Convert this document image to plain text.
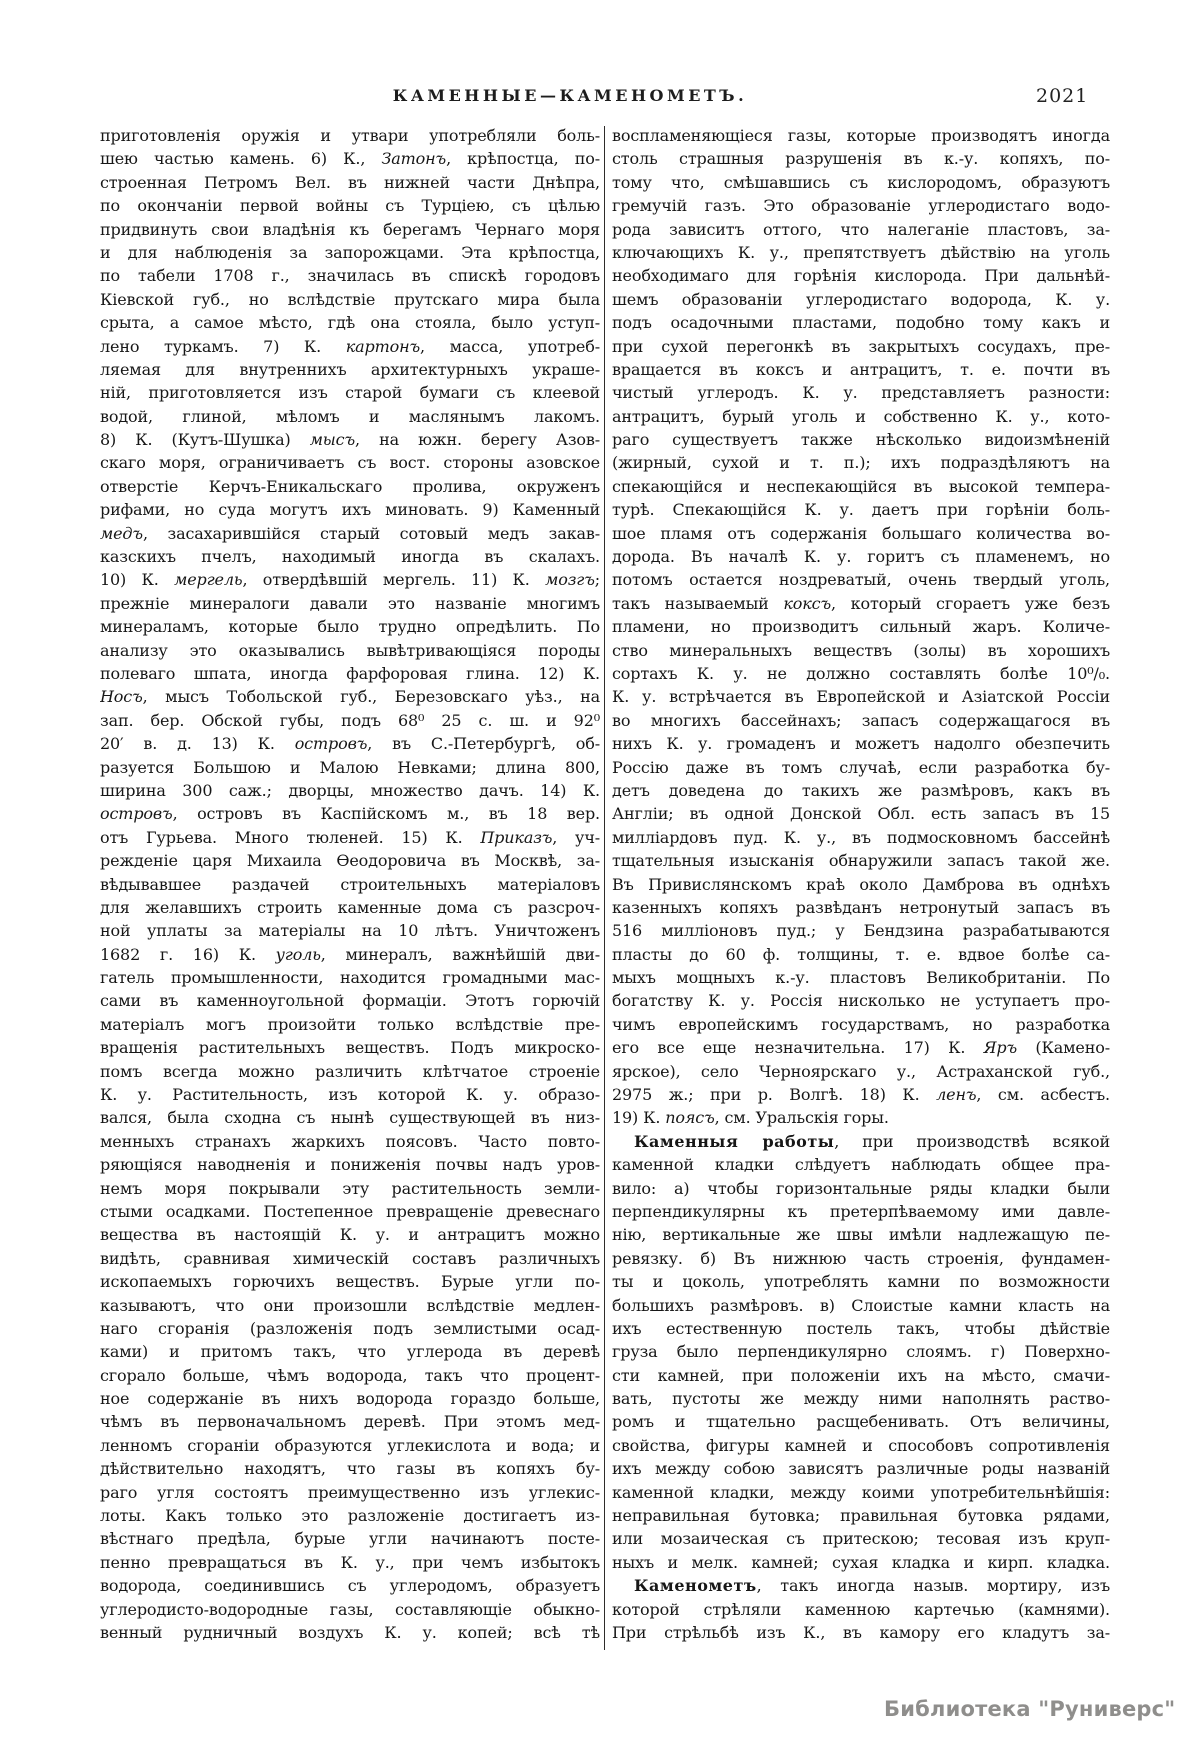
КАМЕННЫЕ—КАМЕНОМЕТЪ.	2021
приготовленія оружія и утвари употребляли боль-
шею частью камень. 6) К., Затонъ, крѣпостца, по-
строенная Петромъ Вел. въ нижней части Днѣпра,
по окончаніи первой войны съ Турціею, съ цѣлью
придвинуть свои владѣнія къ берегамъ Чернаго моря
и для наблюденія за запорожцами. Эта крѣпостца,
по табели 1708 г., значилась въ спискѣ городовъ
Кіевской губ., но вслѣдствіе прутскаго мира была
срыта, а самое мѣсто, гдѣ она стояла, было уступ-
лено туркамъ. 7) К. картонъ, масса, употреб-
ляемая для внутреннихъ архитектурныхъ украше-
ній, приготовляется изъ старой бумаги съ клеевой
водой, глиной, мѣломъ и маслянымъ лакомъ.
8) К. (Кутъ-Шушка) мысъ, на южн. берегу Азов-
скаго моря, ограничиваетъ съ вост. стороны азовское
отверстіе Керчъ-Еникальскаго пролива, окруженъ
рифами, но суда могутъ ихъ миновать. 9) Каменный
медъ, засахарившійся старый сотовый медъ закав-
казскихъ пчелъ, находимый иногда въ скалахъ.
10) К. мергель, отвердѣвшій мергель. 11) К. мозгъ;
прежніе минералоги давали это названіе многимъ
минераламъ, которые было трудно опредѣлить. По
анализу это оказывались вывѣтривающіяся породы
полеваго шпата, иногда фарфоровая глина. 12) К.
Носъ, мысъ Тобольской губ., Березовскаго уѣз., на
зап. бер. Обской губы, подъ 68⁰ 25 с. ш. и 92⁰
20′ в. д. 13) К. островъ, въ С.-Петербургѣ, об-
разуется Большою и Малою Невками; длина 800,
ширина 300 саж.; дворцы, множество дачъ. 14) К.
островъ, островъ въ Каспійскомъ м., въ 18 вер.
отъ Гурьева. Много тюленей. 15) К. Приказъ, уч-
режденіе царя Михаила Ѳеодоровича въ Москвѣ, за-
вѣдывавшее раздачей строительныхъ матеріаловъ
для желавшихъ строить каменные дома съ разсроч-
ной уплаты за матеріалы на 10 лѣтъ. Уничтоженъ
1682 г. 16) К. уголь, минералъ, важнѣйшій дви-
гатель промышленности, находится громадными мас-
сами въ каменноугольной формаціи. Этотъ горючій
матеріалъ могъ произойти только вслѣдствіе пре-
вращенія растительныхъ веществъ. Подъ микроско-
помъ всегда можно различить клѣтчатое строеніе
К. у. Растительность, изъ которой К. у. образо-
вался, была сходна съ нынѣ существующей въ низ-
менныхъ странахъ жаркихъ поясовъ. Часто повто-
ряющіяся наводненія и пониженія почвы надъ уров-
немъ моря покрывали эту растительность земли-
стыми осадками. Постепенное превращеніе древеснаго
вещества въ настоящій К. у. и антрацитъ можно
видѣть, сравнивая химическій составъ различныхъ
ископаемыхъ горючихъ веществъ. Бурые угли по-
казываютъ, что они произошли вслѣдствіе медлен-
наго сгоранія (разложенія подъ землистыми осад-
ками) и притомъ такъ, что углерода въ деревѣ
сгорало больше, чѣмъ водорода, такъ что процент-
ное содержаніе въ нихъ водорода гораздо больше,
чѣмъ въ первоначальномъ деревѣ. При этомъ мед-
ленномъ сгораніи образуются углекислота и вода; и
дѣйствительно находятъ, что газы въ копяхъ бу-
раго угля состоятъ преимущественно изъ углекис-
лоты. Какъ только это разложеніе достигаетъ из-
вѣстнаго предѣла, бурые угли начинаютъ посте-
пенно превращаться въ К. у., при чемъ избытокъ
водорода, соединившись съ углеродомъ, образуетъ
углеродисто-водородные газы, составляющіе обыкно-
венный рудничный воздухъ К. у. копей; всѣ тѣ
воспламеняющіеся газы, которые производятъ иногда
столь страшныя разрушенія въ к.-у. копяхъ, по-
тому что, смѣшавшись съ кислородомъ, образуютъ
гремучій газъ. Это образованіе углеродистаго водо-
рода зависитъ оттого, что налеганіе пластовъ, за-
ключающихъ К. у., препятствуетъ дѣйствію на уголь
необходимаго для горѣнія кислорода. При дальнѣй-
шемъ образованіи углеродистаго водорода, К. у.
подъ осадочными пластами, подобно тому какъ и
при сухой перегонкѣ въ закрытыхъ сосудахъ, пре-
вращается въ коксъ и антрацитъ, т. е. почти въ
чистый углеродъ. К. у. представляетъ разности:
антрацитъ, бурый уголь и собственно К. у., кото-
раго существуетъ также нѣсколько видоизмѣненій
(жирный, сухой и т. п.); ихъ подраздѣляютъ на
спекающійся и неспекающійся въ высокой темпера-
турѣ. Спекающійся К. у. даетъ при горѣніи боль-
шое пламя отъ содержанія большаго количества во-
дорода. Въ началѣ К. у. горитъ съ пламенемъ, но
потомъ остается ноздреватый, очень твердый уголь,
такъ называемый коксъ, который сгораетъ уже безъ
пламени, но производитъ сильный жаръ. Количе-
ство минеральныхъ веществъ (золы) въ хорошихъ
сортахъ К. у. не должно составлять болѣе 10⁰/₀.
К. у. встрѣчается въ Европейской и Азіатской Россіи
во многихъ бассейнахъ; запасъ содержащагося въ
нихъ К. у. громаденъ и можетъ надолго обезпечить
Россію даже въ томъ случаѣ, если разработка бу-
детъ доведена до такихъ же размѣровъ, какъ въ
Англіи; въ одной Донской Обл. есть запасъ въ 15
милліардовъ пуд. К. у., въ подмосковномъ бассейнѣ
тщательныя изысканія обнаружили запасъ такой же.
Въ Привислянскомъ краѣ около Дамброва въ однѣхъ
казенныхъ копяхъ развѣданъ нетронутый запасъ въ
516 милліоновъ пуд.; у Бендзина разрабатываются
пласты до 60 ф. толщины, т. е. вдвое болѣе са-
мыхъ мощныхъ к.-у. пластовъ Великобританіи. По
богатству К. у. Россія нисколько не уступаетъ про-
чимъ европейскимъ государствамъ, но разработка
его все еще незначительна. 17) К. Яръ (Камено-
ярское), село Черноярскаго у., Астраханской губ.,
2975 ж.; при р. Волгѣ. 18) К. ленъ, см. асбестъ.
19) К. поясъ, см. Уральскія горы.
Каменныя работы, при производствѣ всякой
каменной кладки слѣдуетъ наблюдать общее пра-
вило: а) чтобы горизонтальные ряды кладки были
перпендикулярны къ претерпѣваемому ими давле-
нію, вертикальные же швы имѣли надлежащую пе-
ревязку. б) Въ нижнюю часть строенія, фундамен-
ты и цоколь, употреблять камни по возможности
большихъ размѣровъ. в) Слоистые камни класть на
ихъ естественную постель такъ, чтобы дѣйствіе
груза было перпендикулярно слоямъ. г) Поверхно-
сти камней, при положеніи ихъ на мѣсто, смачи-
вать, пустоты же между ними наполнять раство-
ромъ и тщательно расщебенивать. Отъ величины,
свойства, фигуры камней и способовъ сопротивленія
ихъ между собою зависятъ различные роды названій
каменной кладки, между коими употребительнѣйшія:
неправильная бутовка; правильная бутовка рядами,
или мозаическая съ притескою; тесовая изъ круп-
ныхъ и мелк. камней; сухая кладка и кирп. кладка.
Каменометъ, такъ иногда назыв. мортиру, изъ
которой стрѣляли каменною картечью (камнями).
При стрѣльбѣ изъ К., въ камору его кладутъ за-
Библиотека "Руниверс"
